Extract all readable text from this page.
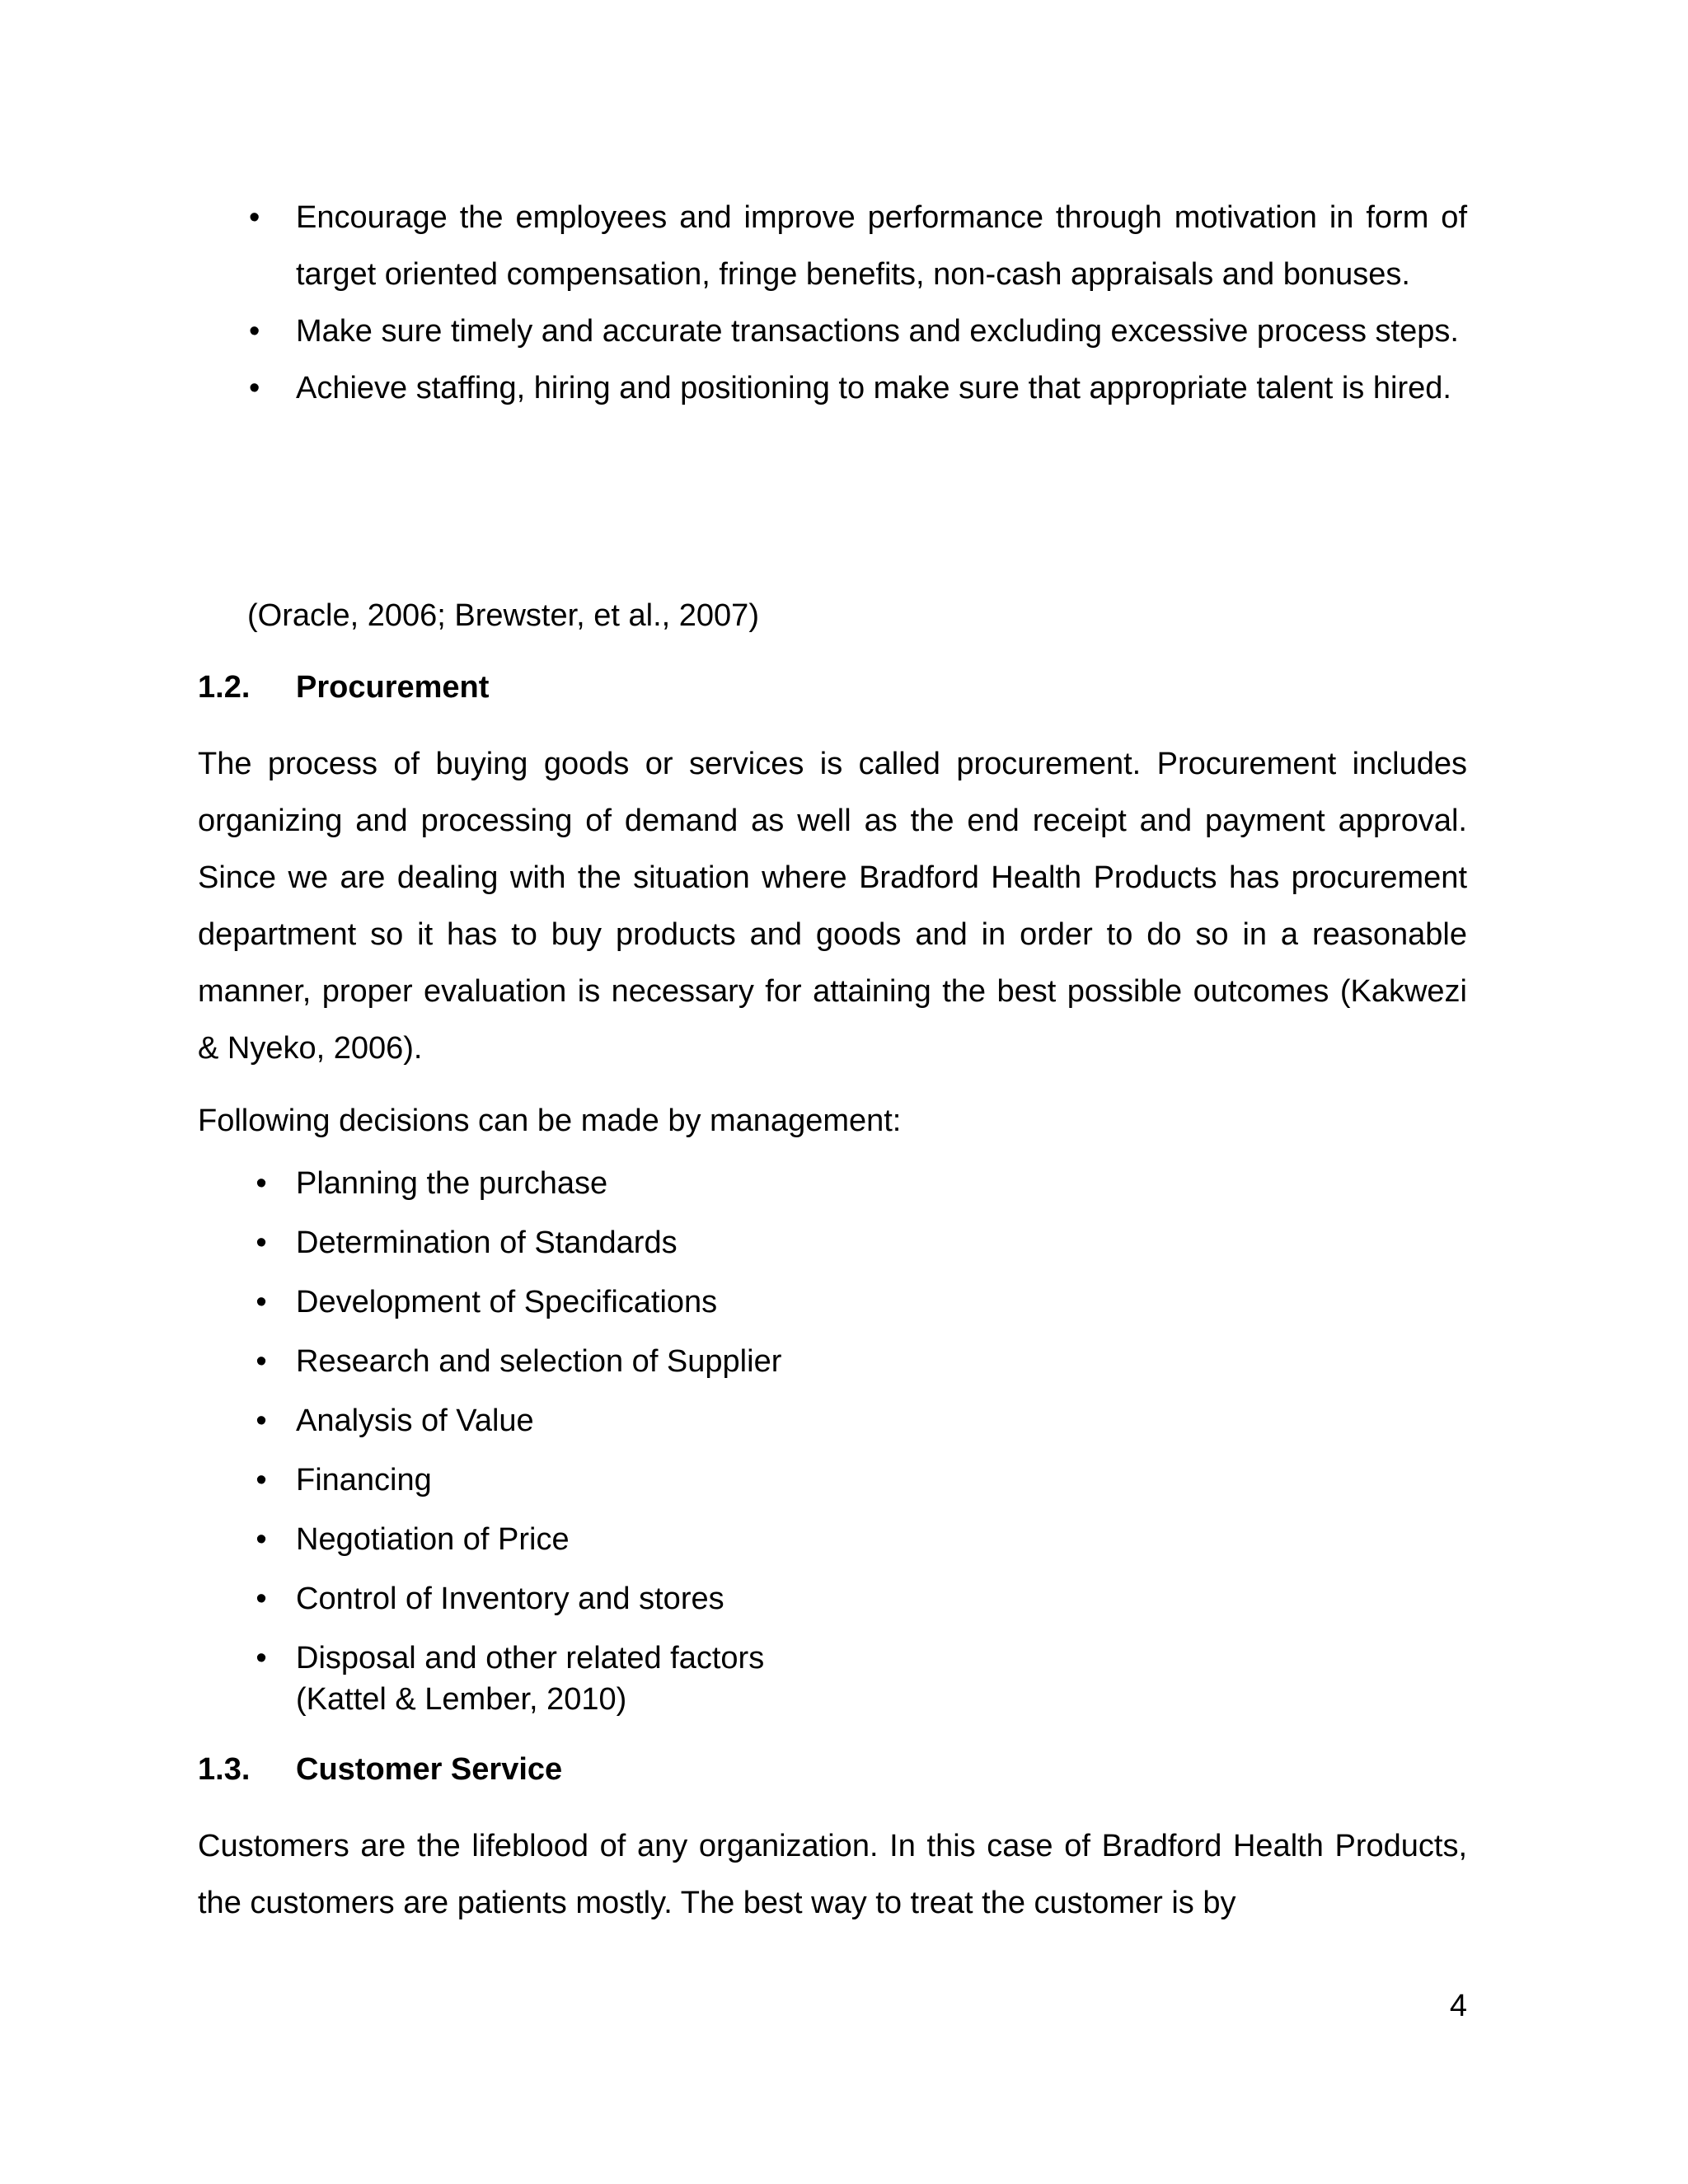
•	Encourage the employees and improve performance through motivation in form of target oriented compensation, fringe benefits, non-cash appraisals and bonuses.
•	Make sure timely and accurate transactions and excluding excessive process steps.
•	Achieve staffing, hiring and positioning to make sure that appropriate talent is hired.

(Oracle, 2006; Brewster, et al., 2007)

1.2. Procurement

The process of buying goods or services is called procurement. Procurement includes organizing and processing of demand as well as the end receipt and payment approval. Since we are dealing with the situation where Bradford Health Products has procurement department so it has to buy products and goods and in order to do so in a reasonable manner, proper evaluation is necessary for attaining the best possible outcomes (Kakwezi & Nyeko, 2006).

Following decisions can be made by management:

• Planning the purchase
• Determination of Standards
• Development of Specifications
• Research and selection of Supplier
• Analysis of Value
• Financing
• Negotiation of Price
• Control of Inventory and stores
• Disposal and other related factors

(Kattel & Lember, 2010)

1.3. Customer Service

Customers are the lifeblood of any organization. In this case of Bradford Health Products, the customers are patients mostly. The best way to treat the customer is by

4
